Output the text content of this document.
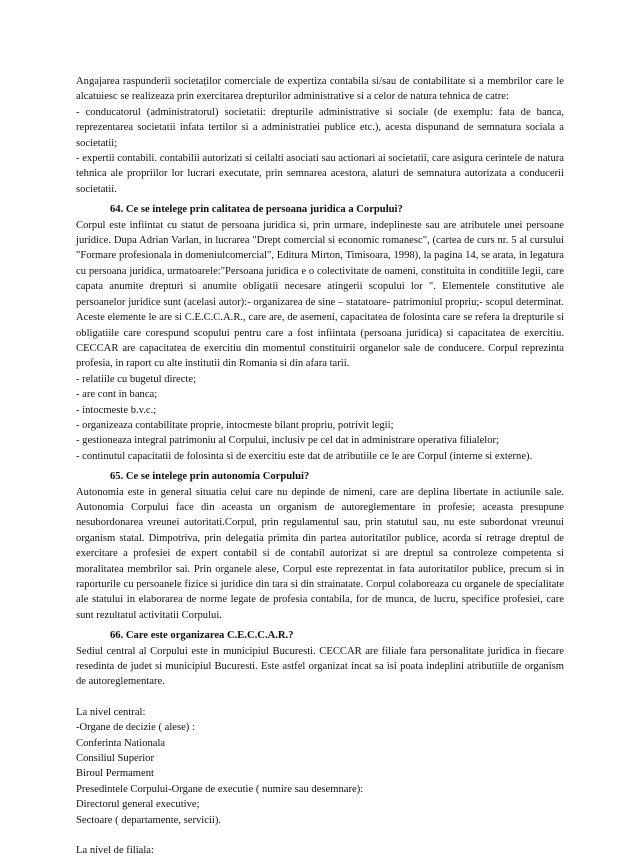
Angajarea raspunderii societaților comerciale de expertiza contabila si/sau de contabilitate si a membrilor care le alcatuiesc se realizeaza prin exercitarea drepturilor administrative si a celor de natura tehnica de catre:

- conducatorul (administratorul) societatii: drepturile administrative si sociale (de exemplu: fata de banca, reprezentarea societatii infata tertilor si a administratiei publice etc.), acesta dispunand de semnatura sociala a societatii;

- expertii contabili. contabilii autorizati si ceilalti asociati sau actionari ai societatii, care asigura cerintele de natura tehnica ale propriilor lor lucrari executate, prin semnarea acestora, alaturi de semnatura autorizata a conducerii societatii.

64. Ce se intelege prin calitatea de persoana juridica a Corpului?

Corpul este infiintat cu statut de persoana juridica si, prin urmare, indeplineste sau are atributele unei persoane juridice. Dupa Adrian Varlan, in lucrarea "Drept comercial si economic romanesc", (cartea de curs nr. 5 al cursului "Formare profesionala in domeniulcomercial", Editura Mirton, Timisoara, 1998), la pagina 14, se arata, in legatura cu persoana juridica, urmatoarele:"Persoana juridica e o colectivitate de oameni, constituita in conditiile legii, care capata anumite drepturi si anumite obligatii necesare atingerii scopului lor ". Elementele constitutive ale persoanelor juridice sunt (acelasi autor):- organizarea de sine – statatoare- patrimoniul propriu;- scopul determinat. Aceste elemente le are si C.E.C.C.A.R., care are, de asemeni, capacitatea de folosinta care se refera la drepturile si obligatiile care corespund scopului pentru care a fost infiintata (persoana juridica) si capacitatea de exercitiu. CECCAR are capacitatea de exercitiu din momentul constituirii organelor sale de conducere. Corpul reprezinta profesia, in raport cu alte institutii din Romania si din afara tarii.

- relatiile cu bugetul directe;

- are cont in banca;

- intocmeste b.v.c.;

- organizeaza contabilitate proprie, intocmeste bilant propriu, potrivit legii;

- gestioneaza integral patrimoniu al Corpului, inclusiv pe cel dat in administrare operativa filialelor;

- continutul capacitatii de folosinta si de exercitiu este dat de atributiile ce le are Corpul (interne si externe).

65. Ce se intelege prin autonomia Corpului?

Autonomia este in general situatia celui care nu depinde de nimeni, care are deplina libertate in actiunile sale. Autonomia Corpului face din aceasta un organism de autoreglementare in profesie; aceasta presupune nesubordonarea vreunei autoritati.Corpul, prin regulamentul sau, prin statutul sau, nu este subordonat vreunui organism statal. Dimpotriva, prin delegatia primita din partea autoritatilor publice, acorda si retrage dreptul de exercitare a profesiei de expert contabil si de contabil autorizat si are dreptul sa controleze competenta si moralitatea membrilor sai. Prin organele alese, Corpul este reprezentat in fata autoritatilor publice, precum si in raporturile cu persoanele fizice si juridice din tara si din strainatate. Corpul colaboreaza cu organele de specialitate ale statului in elaborarea de norme legate de profesia contabila, for de munca, de lucru, specifice profesiei, care sunt rezultatul activitatii Corpului.

66. Care este organizarea C.E.C.C.A.R.?

Sediul central al Corpului este in municipiul Bucuresti. CECCAR are filiale fara personalitate juridica in fiecare resedinta de judet si municipiul Bucuresti. Este astfel organizat incat sa isi poata indeplini atributiile de organism de autoreglementare.

La nivel central:

-Organe de decizie ( alese) :

Conferinta Nationala

Consiliul Superior

Biroul Permament

Presedintele Corpului-Organe de executie ( numire sau desemnare):

Directorul general executive;

Sectoare ( departamente, servicii).

La nivel de filiala:
